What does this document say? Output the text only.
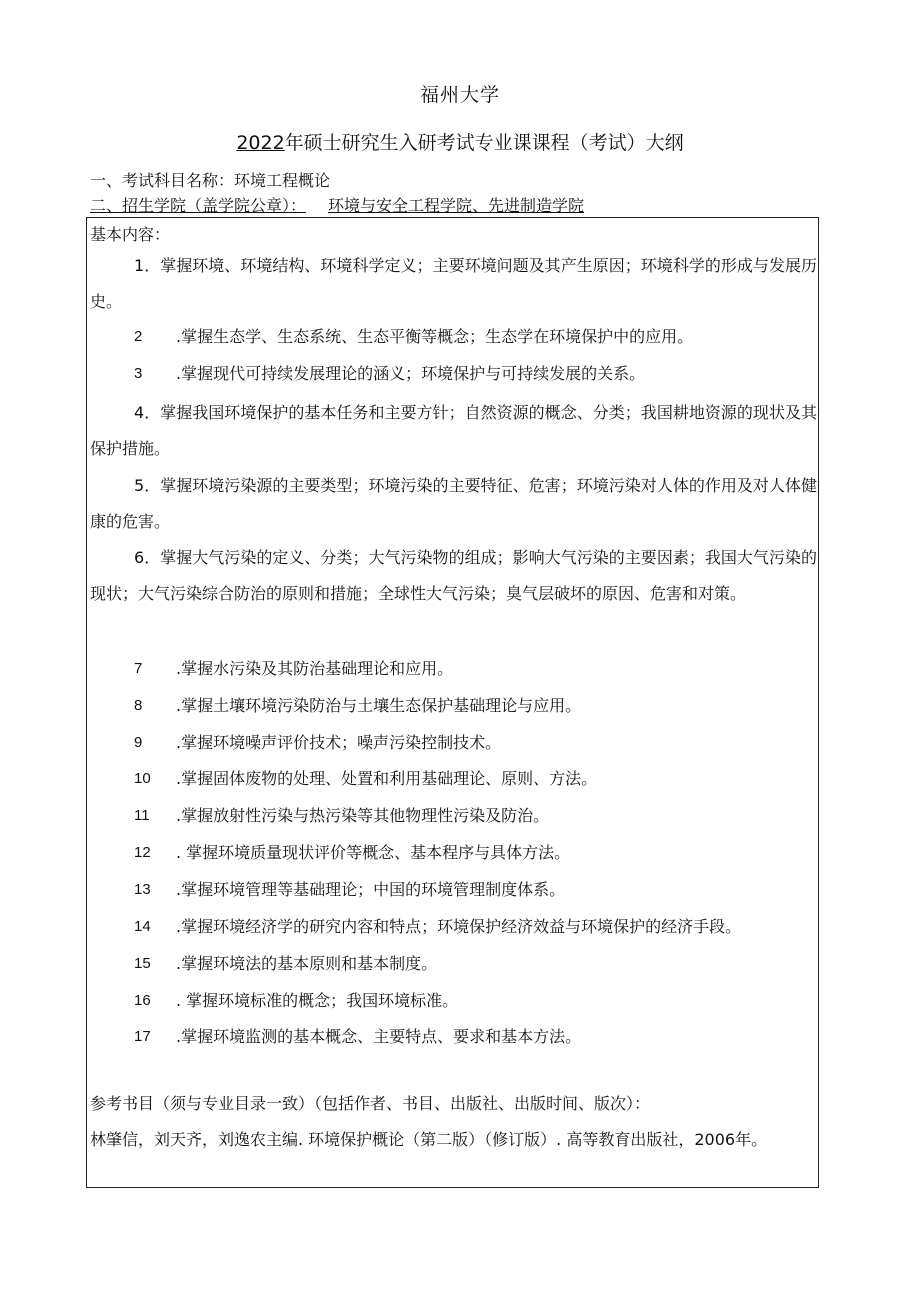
福州大学
2022年硕士研究生入研考试专业课课程（考试）大纲
一、考试科目名称：环境工程概论
二、招生学院（盖学院公章）： 环境与安全工程学院、先进制造学院
基本内容：
1．掌握环境、环境结构、环境科学定义；主要环境问题及其产生原因；环境科学的形成与发展历史。
2 .掌握生态学、生态系统、生态平衡等概念；生态学在环境保护中的应用。
3 .掌握现代可持续发展理论的涵义；环境保护与可持续发展的关系。
4．掌握我国环境保护的基本任务和主要方针；自然资源的概念、分类；我国耕地资源的现状及其保护措施。
5．掌握环境污染源的主要类型；环境污染的主要特征、危害；环境污染对人体的作用及对人体健康的危害。
6．掌握大气污染的定义、分类；大气污染物的组成；影响大气污染的主要因素；我国大气污染的现状；大气污染综合防治的原则和措施；全球性大气污染；臭气层破坏的原因、危害和对策。
7 .掌握水污染及其防治基础理论和应用。
8 .掌握土壤环境污染防治与土壤生态保护基础理论与应用。
9 .掌握环境噪声评价技术；噪声污染控制技术。
10 .掌握固体废物的处理、处置和利用基础理论、原则、方法。
11 .掌握放射性污染与热污染等其他物理性污染及防治。
12 . 掌握环境质量现状评价等概念、基本程序与具体方法。
13 .掌握环境管理等基础理论；中国的环境管理制度体系。
14 .掌握环境经济学的研究内容和特点；环境保护经济效益与环境保护的经济手段。
15 .掌握环境法的基本原则和基本制度。
16 . 掌握环境标准的概念；我国环境标准。
17 .掌握环境监测的基本概念、主要特点、要求和基本方法。
参考书目（须与专业目录一致）（包括作者、书目、出版社、出版时间、版次）：
林肇信，刘天齐，刘逸农主编. 环境保护概论（第二版）（修订版）. 高等教育出版社，2006年。
